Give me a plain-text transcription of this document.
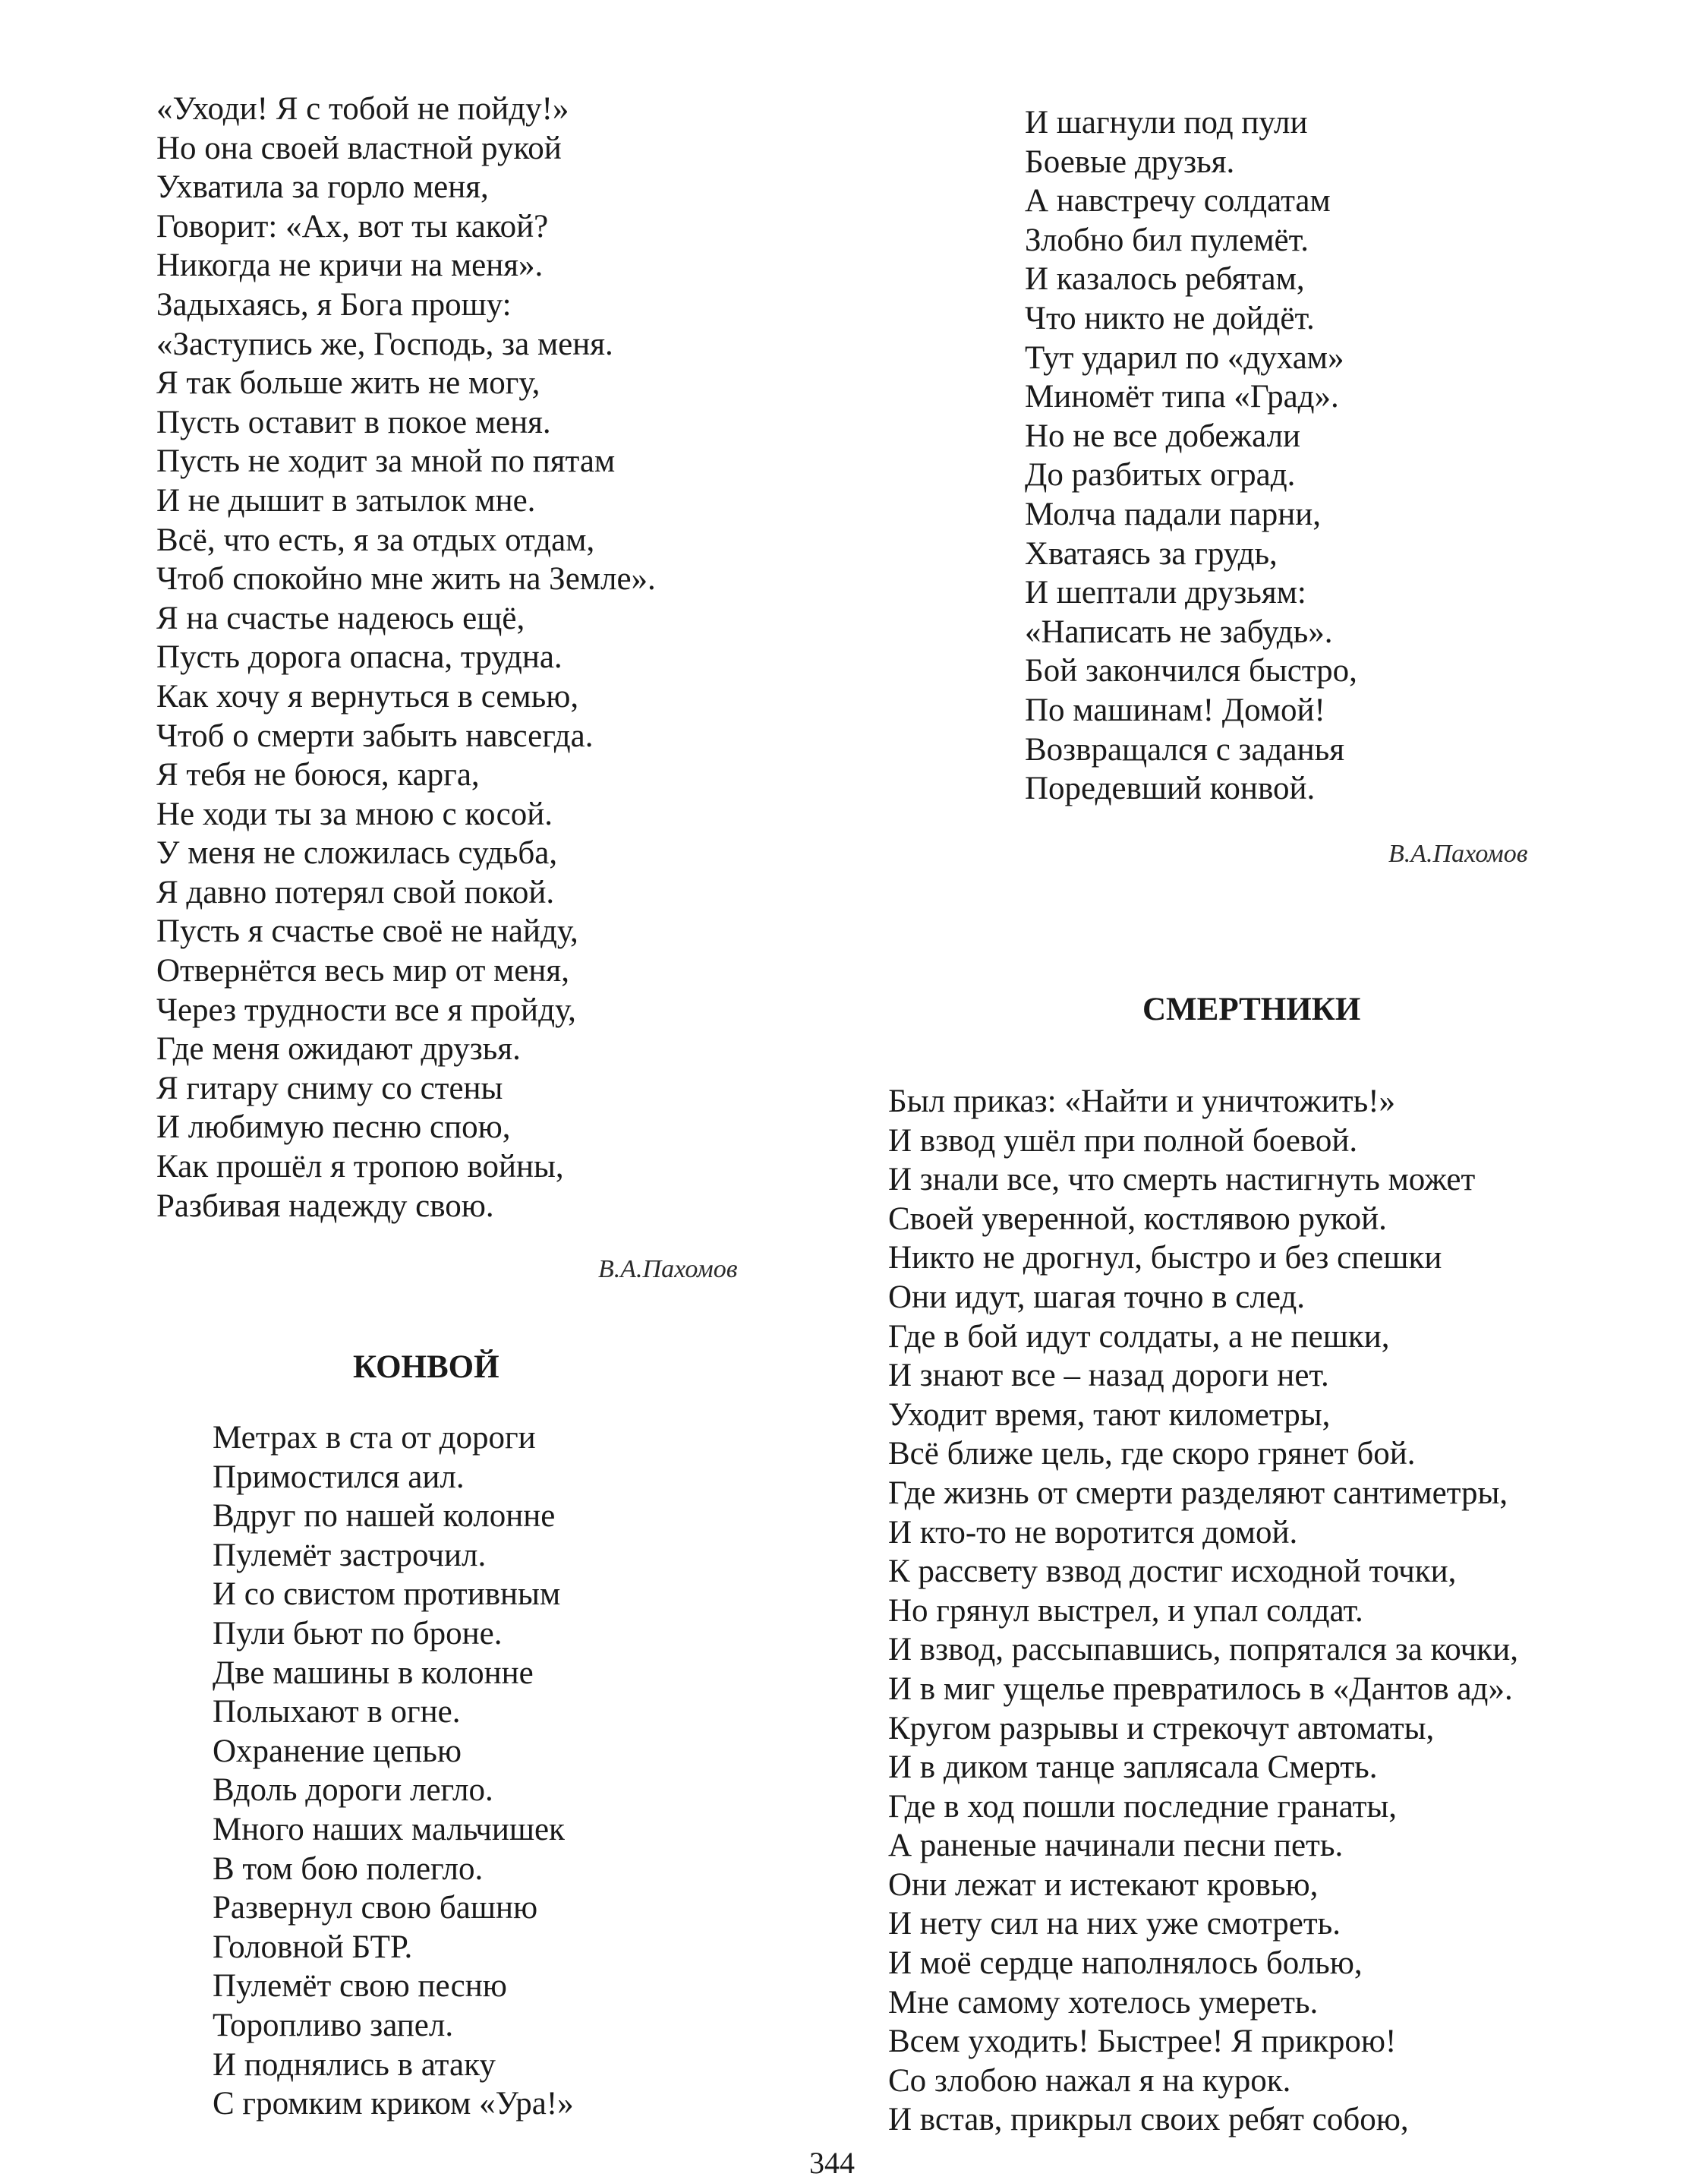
«Уходи! Я с тобой не пойду!»
Но она своей властной рукой
Ухватила за горло меня,
Говорит: «Ах, вот ты какой?
Никогда не кричи на меня».
Задыхаясь, я Бога прошу:
«Заступись же, Господь, за меня.
Я так больше жить не могу,
Пусть оставит в покое меня.
Пусть не ходит за мной по пятам
И не дышит в затылок мне.
Всё, что есть, я за отдых отдам,
Чтоб спокойно мне жить на Земле».
Я на счастье надеюсь ещё,
Пусть дорога опасна, трудна.
Как хочу я вернуться в семью,
Чтоб о смерти забыть навсегда.
Я тебя не боюся, карга,
Не ходи ты за мною с косой.
У меня не сложилась судьба,
Я давно потерял свой покой.
Пусть я счастье своё не найду,
Отвернётся весь мир от меня,
Через трудности все я пройду,
Где меня ожидают друзья.
Я гитару сниму со стены
И любимую песню спою,
Как прошёл я тропою войны,
Разбивая надежду свою.
В.А.Пахомов
КОНВОЙ
Метрах в ста от дороги
Примостился аил.
Вдруг по нашей колонне
Пулемёт застрочил.
И со свистом противным
Пули бьют по броне.
Две машины в колонне
Полыхают в огне.
Охранение цепью
Вдоль дороги легло.
Много наших мальчишек
В том бою полегло.
Развернул свою башню
Головной БТР.
Пулемёт свою песню
Торопливо запел.
И поднялись в атаку
С громким криком «Ура!»
И шагнули под пули
Боевые друзья.
А навстречу солдатам
Злобно бил пулемёт.
И казалось ребятам,
Что никто не дойдёт.
Тут ударил по «духам»
Миномёт типа «Град».
Но не все добежали
До разбитых оград.
Молча падали парни,
Хватаясь за грудь,
И шептали друзьям:
«Написать не забудь».
Бой закончился быстро,
По машинам! Домой!
Возвращался с заданья
Поредевший конвой.
В.А.Пахомов
СМЕРТНИКИ
Был приказ: «Найти и уничтожить!»
И взвод ушёл при полной боевой.
И знали все, что смерть настигнуть может
Своей уверенной, костлявою рукой.
Никто не дрогнул, быстро и без спешки
Они идут, шагая точно в след.
Где в бой идут солдаты, а не пешки,
И знают все – назад дороги нет.
Уходит время, тают километры,
Всё ближе цель, где скоро грянет бой.
Где жизнь от смерти разделяют сантиметры,
И кто-то не воротится домой.
К рассвету взвод достиг исходной точки,
Но грянул выстрел, и упал солдат.
И взвод, рассыпавшись, попрятался за кочки,
И в миг ущелье превратилось в «Дантов ад».
Кругом разрывы и стрекочут автоматы,
И в диком танце заплясала Смерть.
Где в ход пошли последние гранаты,
А раненые начинали песни петь.
Они лежат и истекают кровью,
И нету сил на них уже смотреть.
И моё сердце наполнялось болью,
Мне самому хотелось умереть.
Всем уходить! Быстрее! Я прикрою!
Со злобою нажал я на курок.
И встав, прикрыл своих ребят собою,
344
